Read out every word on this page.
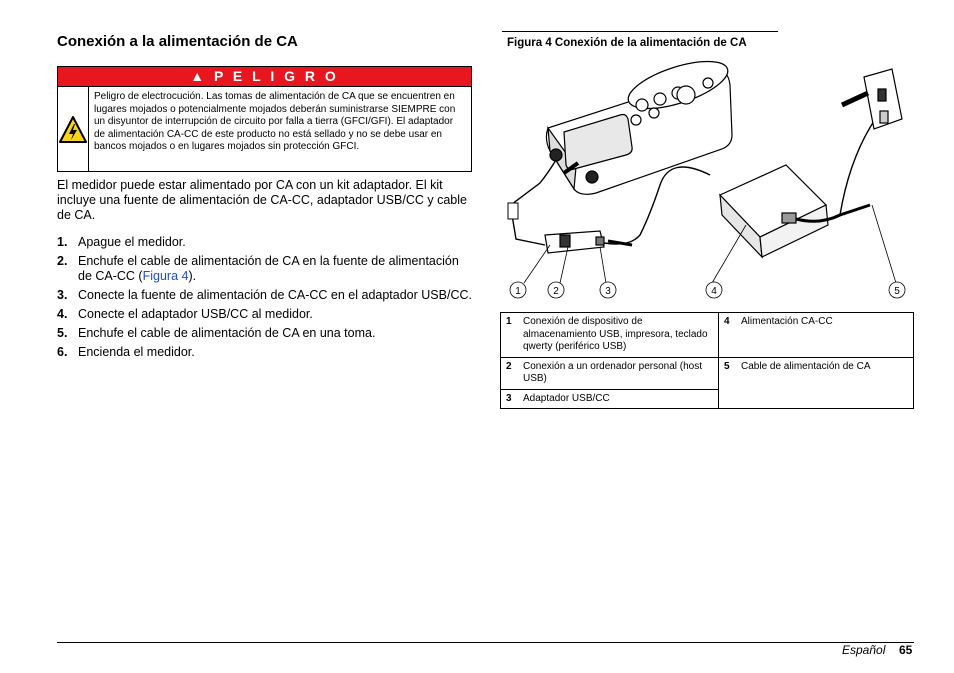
Conexión a la alimentación de CA
▲ P E L I G R O
Peligro de electrocución. Las tomas de alimentación de CA que se encuentren en lugares mojados o potencialmente mojados deberán suministrarse SIEMPRE con un disyuntor de interrupción de circuito por falla a tierra (GFCI/GFI). El adaptador de alimentación CA-CC de este producto no está sellado y no se debe usar en bancos mojados o en lugares mojados sin protección GFCI.
El medidor puede estar alimentado por CA con un kit adaptador. El kit incluye una fuente de alimentación de CA-CC, adaptador USB/CC y cable de CA.
1. Apague el medidor.
2. Enchufe el cable de alimentación de CA en la fuente de alimentación de CA-CC (Figura 4).
3. Conecte la fuente de alimentación de CA-CC en el adaptador USB/CC.
4. Conecte el adaptador USB/CC al medidor.
5. Enchufe el cable de alimentación de CA en una toma.
6. Encienda el medidor.
Figura 4 Conexión de la alimentación de CA
1	2	3	4	5
1	Conexión de dispositivo de almacenamiento USB, impresora, teclado qwerty (periférico USB)	4	Alimentación CA-CC
2	Conexión a un ordenador personal (host USB)	5	Cable de alimentación de CA
3	Adaptador USB/CC		
Español 65
